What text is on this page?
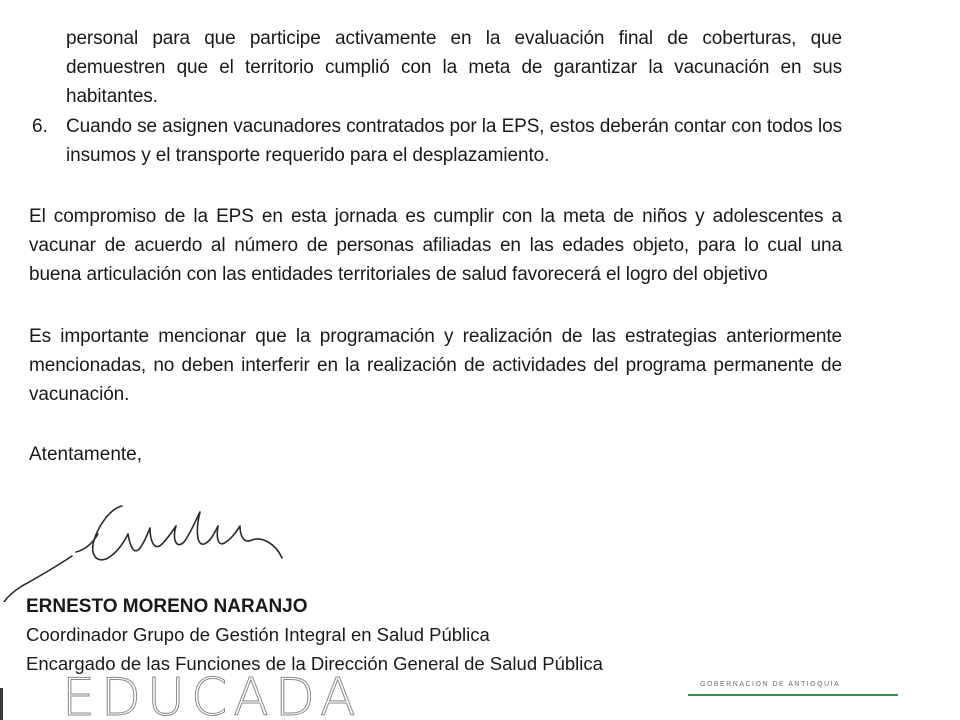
personal para que participe activamente en la evaluación final de coberturas, que demuestren que el territorio cumplió con la meta de garantizar la vacunación en sus habitantes.

6. Cuando se asignen vacunadores contratados por la EPS, estos deberán contar con todos los insumos y el transporte requerido para el desplazamiento.

El compromiso de la EPS en esta jornada es cumplir con la meta de niños y adolescentes a vacunar de acuerdo al número de personas afiliadas en las edades objeto, para lo cual una buena articulación con las entidades territoriales de salud favorecerá el logro del objetivo

Es importante mencionar que la programación y realización de las estrategias anteriormente mencionadas, no deben interferir en la realización de actividades del programa permanente de vacunación.

Atentamente,

ERNESTO MORENO NARANJO

Coordinador Grupo de Gestión Integral en Salud Pública

Encargado de las Funciones de la Dirección General de Salud Pública

EDUCADA	GOBERNACIÓN DE ANTIOQUIA
